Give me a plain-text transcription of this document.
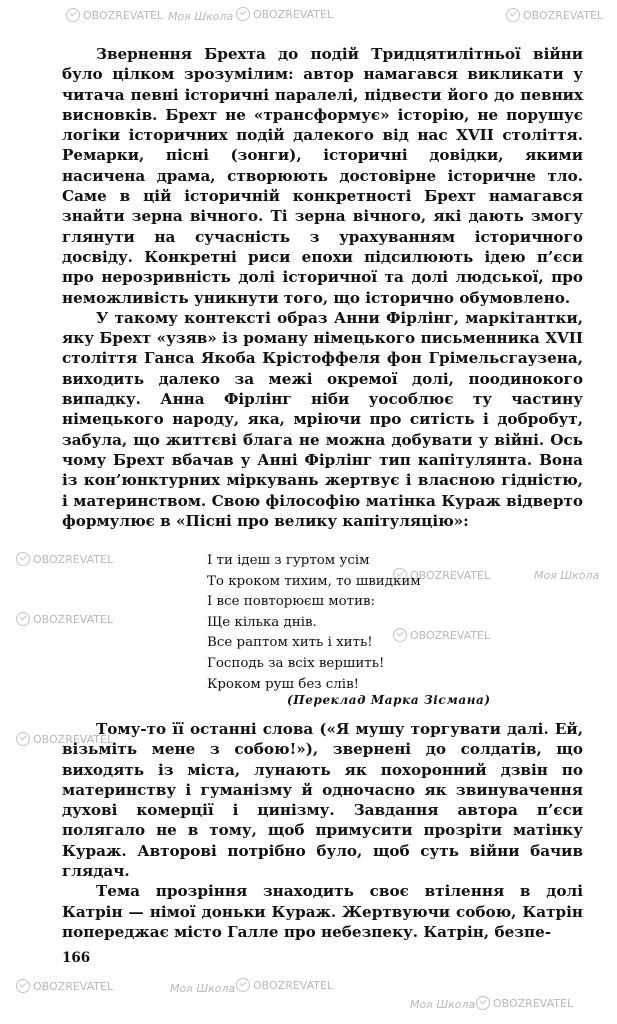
OBOZREVATEL Моя Школа OBOZREVATEL	OBOZREVATEL
OBOZREVATEL
OBOZREVATEL	Моя Школа
OBOZREVATEL
OBOZREVATEL
OBOZREVATEL
OBOZREVATEL	Моя Школа OBOZREVATEL
Моя Школа OBOZREVATEL

Звернення Брехта до подій Тридцятилітньої війни було цілком зрозумілим: автор намагався викликати у читача певні історичні паралелі, підвести його до певних висновків. Брехт не «трансформує» історію, не порушує логіки історичних подій далекого від нас XVII століття. Ремарки, пісні (зонги), історичні довідки, якими насичена драма, створюють достовірне історичне тло. Саме в цій історичній конкретності Брехт намагався знайти зерна вічного. Ті зерна вічного, які дають змогу глянути на сучасність з урахуванням історичного досвіду. Конкретні риси епохи підсилюють ідею п’єси про нерозривність долі історичної та долі людської, про неможливість уникнути того, що історично обумовлено.

У такому контексті образ Анни Фірлінг, маркітантки, яку Брехт «узяв» із роману німецького письменника XVII століття Ганса Якоба Крістоффеля фон Грімельсгаузена, виходить далеко за межі окремої долі, поодинокого випадку. Анна Фірлінг ніби уособлює ту частину німецького народу, яка, мріючи про ситість і добробут, забула, що життєві блага не можна добувати у війні. Ось чому Брехт вбачав у Анні Фірлінг тип капітулянта. Вона із кон’юнктурних міркувань жертвує і власною гідністю, і материнством. Свою філософію матінка Кураж відверто формулює в «Пісні про велику капітуляцію»:

І ти ідеш з гуртом усім
То кроком тихим, то швидким
І все повторюєш мотив:
Ще кілька днів.
Все раптом хить і хить!
Господь за всіх вершить!
Кроком руш без слів!
(Переклад Марка Зісмана)

Тому-то її останні слова («Я мушу торгувати далі. Ей, візьміть мене з собою!»), звернені до солдатів, що виходять із міста, лунають як похоронний дзвін по материнству і гуманізму й одночасно як звинувачення духові комерції і цинізму. Завдання автора п’єси полягало не в тому, щоб примусити прозріти матінку Кураж. Авторові потрібно було, щоб суть війни бачив глядач.

Тема прозріння знаходить своє втілення в долі Катрін — німої доньки Кураж. Жертвуючи собою, Катрін попереджає місто Галле про небезпеку. Катрін, безпе-

166
